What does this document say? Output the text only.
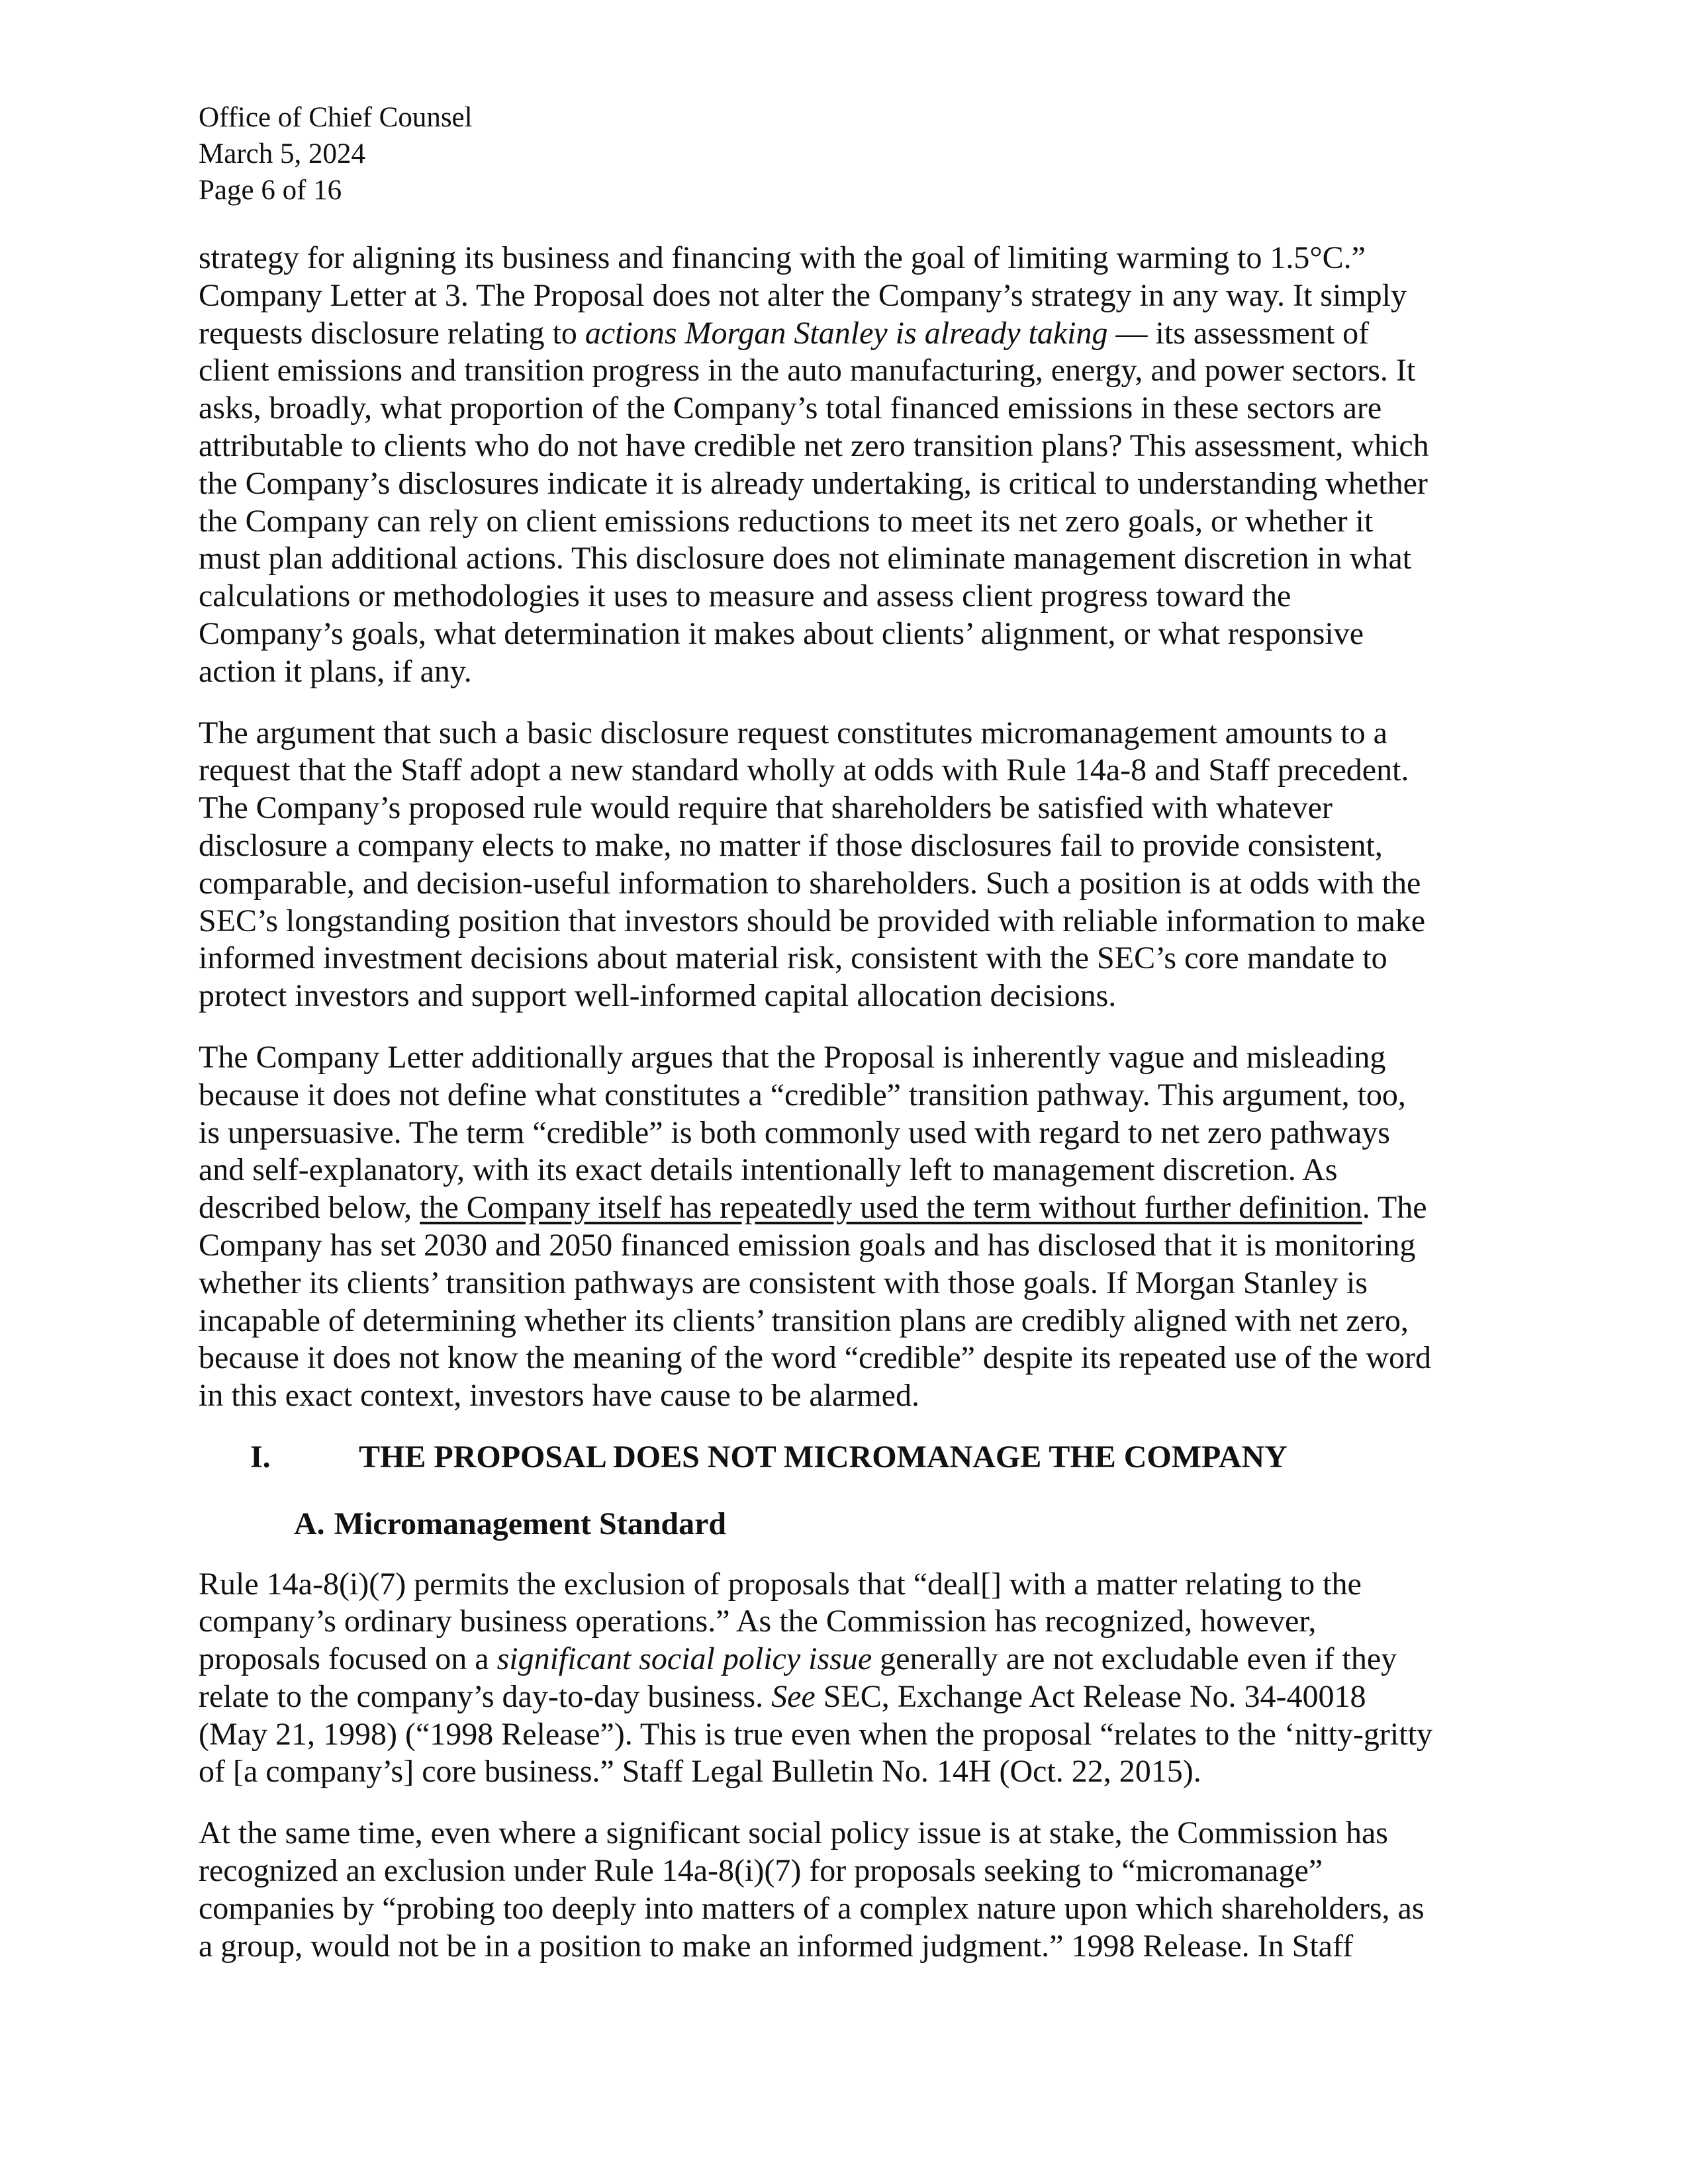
Office of Chief Counsel
March 5, 2024
Page 6 of 16

strategy for aligning its business and financing with the goal of limiting warming to 1.5°C.”
Company Letter at 3. The Proposal does not alter the Company’s strategy in any way. It simply
requests disclosure relating to actions Morgan Stanley is already taking — its assessment of
client emissions and transition progress in the auto manufacturing, energy, and power sectors. It
asks, broadly, what proportion of the Company’s total financed emissions in these sectors are
attributable to clients who do not have credible net zero transition plans? This assessment, which
the Company’s disclosures indicate it is already undertaking, is critical to understanding whether
the Company can rely on client emissions reductions to meet its net zero goals, or whether it
must plan additional actions. This disclosure does not eliminate management discretion in what
calculations or methodologies it uses to measure and assess client progress toward the
Company’s goals, what determination it makes about clients’ alignment, or what responsive
action it plans, if any.

The argument that such a basic disclosure request constitutes micromanagement amounts to a
request that the Staff adopt a new standard wholly at odds with Rule 14a-8 and Staff precedent.
The Company’s proposed rule would require that shareholders be satisfied with whatever
disclosure a company elects to make, no matter if those disclosures fail to provide consistent,
comparable, and decision-useful information to shareholders. Such a position is at odds with the
SEC’s longstanding position that investors should be provided with reliable information to make
informed investment decisions about material risk, consistent with the SEC’s core mandate to
protect investors and support well-informed capital allocation decisions.

The Company Letter additionally argues that the Proposal is inherently vague and misleading
because it does not define what constitutes a “credible” transition pathway. This argument, too,
is unpersuasive. The term “credible” is both commonly used with regard to net zero pathways
and self-explanatory, with its exact details intentionally left to management discretion. As
described below, the Company itself has repeatedly used the term without further definition. The
Company has set 2030 and 2050 financed emission goals and has disclosed that it is monitoring
whether its clients’ transition pathways are consistent with those goals. If Morgan Stanley is
incapable of determining whether its clients’ transition plans are credibly aligned with net zero,
because it does not know the meaning of the word “credible” despite its repeated use of the word
in this exact context, investors have cause to be alarmed.

I.	THE PROPOSAL DOES NOT MICROMANAGE THE COMPANY
A. Micromanagement Standard

Rule 14a-8(i)(7) permits the exclusion of proposals that “deal[] with a matter relating to the
company’s ordinary business operations.” As the Commission has recognized, however,
proposals focused on a significant social policy issue generally are not excludable even if they
relate to the company’s day-to-day business. See SEC, Exchange Act Release No. 34-40018
(May 21, 1998) (“1998 Release”). This is true even when the proposal “relates to the ‘nitty-gritty
of [a company’s] core business.” Staff Legal Bulletin No. 14H (Oct. 22, 2015).

At the same time, even where a significant social policy issue is at stake, the Commission has
recognized an exclusion under Rule 14a-8(i)(7) for proposals seeking to “micromanage”
companies by “probing too deeply into matters of a complex nature upon which shareholders, as
a group, would not be in a position to make an informed judgment.” 1998 Release. In Staff
